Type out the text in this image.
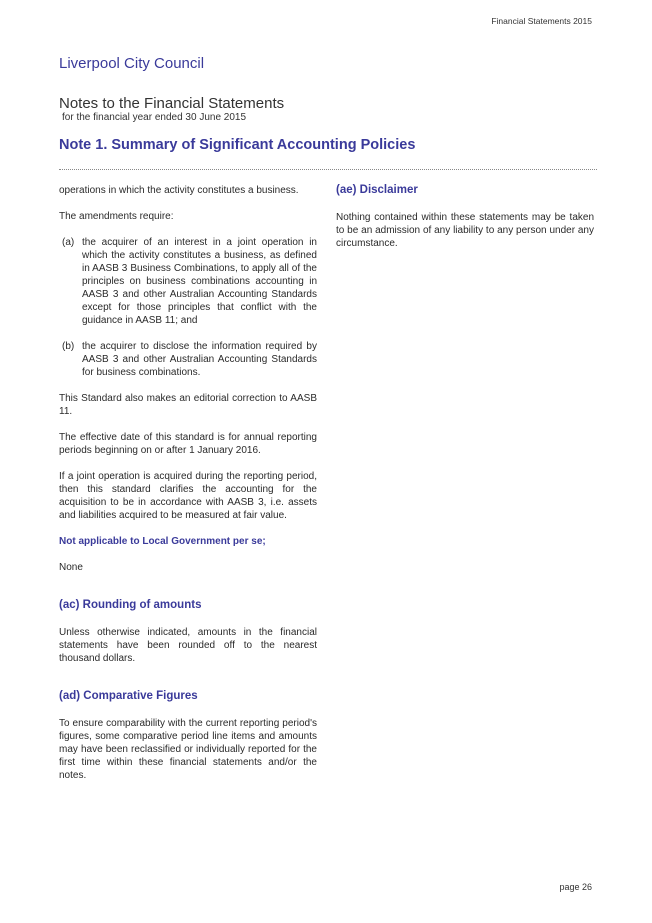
Financial Statements 2015
Liverpool City Council
Notes to the Financial Statements
for the financial year ended 30 June 2015
Note 1. Summary of Significant Accounting Policies

operations in which the activity constitutes a business.

The amendments require:

(a) the acquirer of an interest in a joint operation in which the activity constitutes a business, as defined in AASB 3 Business Combinations, to apply all of the principles on business combinations accounting in AASB 3 and other Australian Accounting Standards except for those principles that conflict with the guidance in AASB 11; and
(b) the acquirer to disclose the information required by AASB 3 and other Australian Accounting Standards for business combinations.

This Standard also makes an editorial correction to AASB 11.

The effective date of this standard is for annual reporting periods beginning on or after 1 January 2016.

If a joint operation is acquired during the reporting period, then this standard clarifies the accounting for the acquisition to be in accordance with AASB 3, i.e. assets and liabilities acquired to be measured at fair value.

Not applicable to Local Government per se;

None

(ac) Rounding of amounts

Unless otherwise indicated, amounts in the financial statements have been rounded off to the nearest thousand dollars.

(ad) Comparative Figures

To ensure comparability with the current reporting period's figures, some comparative period line items and amounts may have been reclassified or individually reported for the first time within these financial statements and/or the notes.

(ae) Disclaimer

Nothing contained within these statements may be taken to be an admission of any liability to any person under any circumstance.

page 26
